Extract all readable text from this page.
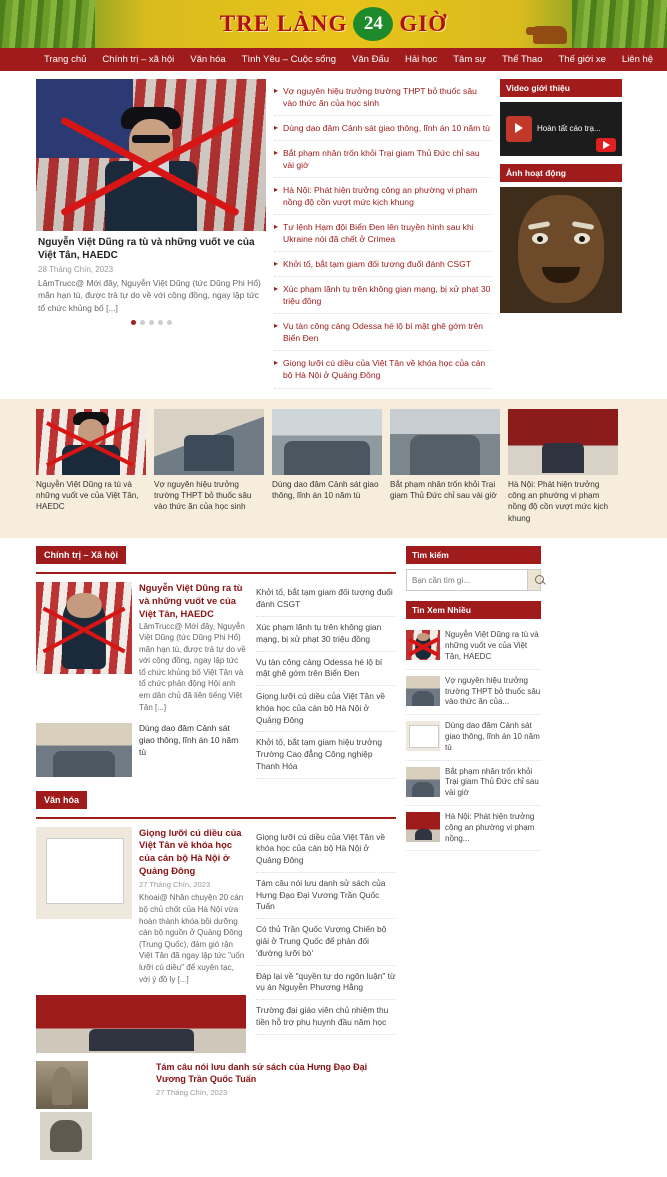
TRE LÀNG 24 GIỜ
Trang chủ	Chính trị – xã hội	Văn hóa	Tình Yêu – Cuộc sống	Văn Đấu	Hải học	Tâm sự	Thể Thao	Thế giới xe	Liên hệ
Nguyễn Việt Dũng ra tù và những vuốt ve của Việt Tân, HAEDC
28 Tháng Chín, 2023
LâmTrucc@ Mới đây, Nguyễn Việt Dũng (tức Dũng Phi Hổ) mãn hạn tù, được trả tự do về với cộng đồng, ngay lập tức tổ chức khủng bố [...]
▸ Vợ nguyên hiệu trưởng trường THPT bỏ thuốc sâu vào thức ăn của học sinh
▸ Dùng dao đâm Cảnh sát giao thông, lĩnh án 10 năm tù
▸ Bắt phạm nhân trốn khỏi Trại giam Thủ Đức chỉ sau vài giờ
▸ Hà Nội: Phát hiện trưởng công an phường vi phạm nồng độ cồn vượt mức kịch khung
▸ Tư lệnh Hạm đội Biển Đen lên truyền hình sau khi Ukraine nói đã chết ở Crimea
▸ Khởi tố, bắt tạm giam đối tượng đuổi đánh CSGT
▸ Xúc phạm lãnh tụ trên không gian mạng, bị xử phạt 30 triệu đồng
▸ Vụ tàn công cảng Odessa hé lộ bí mật ghê gớm trên Biển Đen
▸ Giọng lưỡi cú diều của Việt Tân về khóa học của cán bộ Hà Nội ở Quảng Đông
Video giới thiệu
Hoàn tất cáo trạ...
Ảnh hoạt động
Nguyễn Việt Dũng ra tù và những vuốt ve của Việt Tân, HAEDC
Vợ nguyên hiệu trưởng trường THPT bỏ thuốc sâu vào thức ăn của học sinh
Dùng dao đâm Cảnh sát giao thông, lĩnh án 10 năm tù
Bắt phạm nhân trốn khỏi Trại giam Thủ Đức chỉ sau vài giờ
Hà Nội: Phát hiện trưởng công an phường vi phạm nồng độ cồn vượt mức kịch khung
Chính trị – Xã hội
Nguyễn Việt Dũng ra tù và những vuốt ve của Việt Tân, HAEDC

LâmTrucc@ Mới đây, Nguyễn Việt Dũng (tức Dũng Phi Hổ) mãn hạn tù, được trả tự do về với cộng đồng, ngay lập tức tổ chức khủng bố Việt Tân và tổ chức phản động Hội anh em dân chủ đã liên tiếng Việt Tân [...]

Dùng dao đâm Cảnh sát giao thông, lĩnh án 10 năm tù
Khởi tố, bắt tạm giam đối tượng đuổi đánh CSGT
Xúc phạm lãnh tụ trên không gian mạng, bị xử phạt 30 triệu đồng
Vụ tàn công cảng Odessa hé lộ bí mật ghê gớm trên Biển Đen
Giọng lưỡi cú diều của Việt Tân về khóa học của cán bộ Hà Nội ở Quảng Đông
Khởi tố, bắt tạm giam hiệu trưởng Trường Cao đẳng Công nghiệp Thanh Hóa
Văn hóa
Giọng lưỡi cú diều của Việt Tân về khóa học của cán bộ Hà Nội ở Quảng Đông
27 Tháng Chín, 2023

Khoai@ Nhân chuyện 20 cán bộ chủ chốt của Hà Nội vừa hoàn thành khóa bồi dưỡng cán bộ nguồn ở Quảng Đông (Trung Quốc), đảm gió rận Việt Tân đã ngay lập tức "uốn lưỡi cú diều" để xuyên tạc, với ý đồ ly [...]

Giọng lưỡi cú diều của Việt Tân về khóa học của cán bộ Hà Nội ở Quảng Đông
Tám câu nói lưu danh sử sách của Hưng Đạo Đại Vương Trần Quốc Tuấn
Có thủ Trần Quốc Vượng Chiến bộ giải ở Trung Quốc để phản đối 'đường lưỡi bò'
Đáp lại về "quyền tự do ngôn luận" từ vụ án Nguyễn Phương Hằng
Trường đại giáo viên chủ nhiệm thu tiền hỗ trợ phụ huynh đầu năm học
Tìm kiếm
Bạn cần tìm gì...
Tin Xem Nhiều
Nguyễn Việt Dũng ra tù và những vuốt ve của Việt Tân, HAEDC
Vợ nguyên hiệu trưởng trường THPT bỏ thuốc sâu vào thức ăn của...
Dùng dao đâm Cảnh sát giao thông, lĩnh án 10 năm tù
Bắt phạm nhân trốn khỏi Trại giam Thủ Đức chỉ sau vài giờ
Hà Nội: Phát hiện trưởng công an phường vi phạm nồng...

Tám câu nói lưu danh sử sách của Hưng Đạo Đại Vương Trần Quốc Tuấn
27 Tháng Chín, 2023
